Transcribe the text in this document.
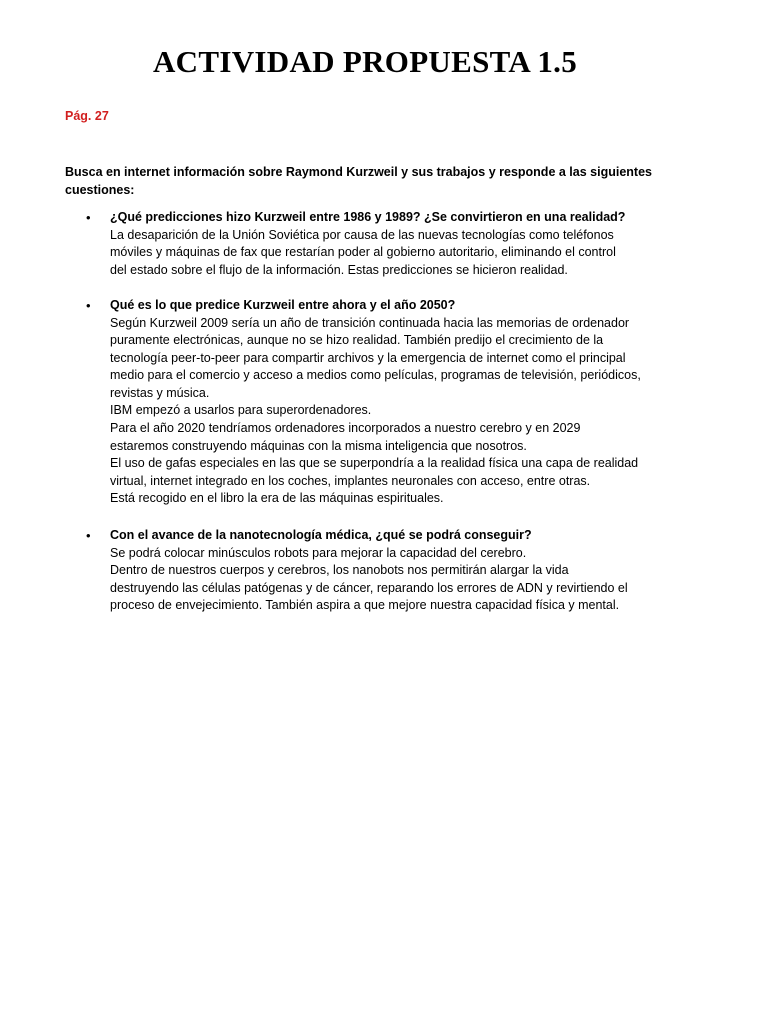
ACTIVIDAD PROPUESTA 1.5
Pág. 27

Busca en internet información sobre Raymond Kurzweil y sus trabajos y responde a las siguientes cuestiones:

• ¿Qué predicciones hizo Kurzweil entre 1986 y 1989? ¿Se convirtieron en una realidad?

La desaparición de la Unión Soviética por causa de las nuevas tecnologías como teléfonos
móviles y máquinas de fax que restarían poder al gobierno autoritario, eliminando el control
del estado sobre el flujo de la información. Estas predicciones se hicieron realidad.
• Qué es lo que predice Kurzweil entre ahora y el año 2050?

Según Kurzweil 2009 sería un año de transición continuada hacia las memorias de ordenador
puramente electrónicas, aunque no se hizo realidad. También predijo el crecimiento de la
tecnología peer-to-peer para compartir archivos y la emergencia de internet como el principal
medio para el comercio y acceso a medios como películas, programas de televisión, periódicos,
revistas y música.
IBM empezó a usarlos para superordenadores.
Para el año 2020 tendríamos ordenadores incorporados a nuestro cerebro y en 2029
estaremos construyendo máquinas con la misma inteligencia que nosotros.
El uso de gafas especiales en las que se superpondría a la realidad física una capa de realidad
virtual, internet integrado en los coches, implantes neuronales con acceso, entre otras.
Está recogido en el libro la era de las máquinas espirituales.
• Con el avance de la nanotecnología médica, ¿qué se podrá conseguir?

Se podrá colocar minúsculos robots para mejorar la capacidad del cerebro.
Dentro de nuestros cuerpos y cerebros, los nanobots nos permitirán alargar la vida
destruyendo las células patógenas y de cáncer, reparando los errores de ADN y revirtiendo el
proceso de envejecimiento. También aspira a que mejore nuestra capacidad física y mental.
